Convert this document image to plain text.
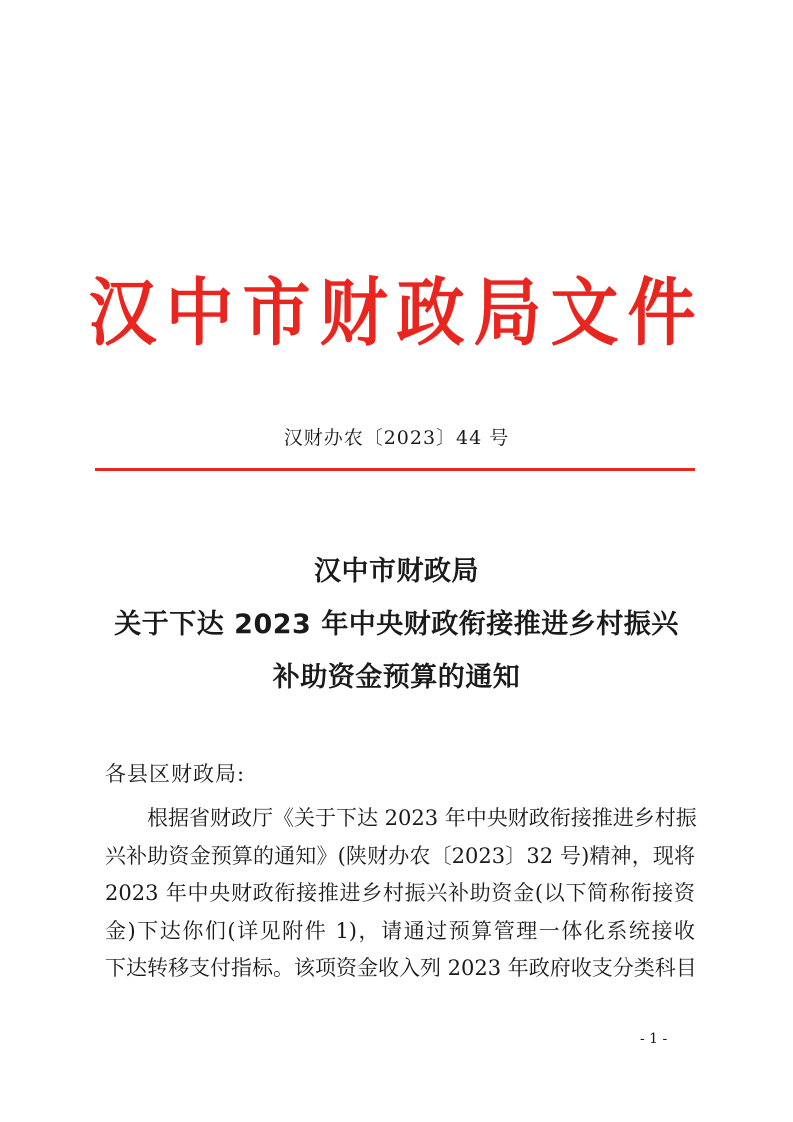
汉中市财政局文件
汉财办农〔2023〕44 号
汉中市财政局
关于下达 2023 年中央财政衔接推进乡村振兴
补助资金预算的通知
各县区财政局:
根据省财政厅《关于下达 2023 年中央财政衔接推进乡村振
兴补助资金预算的通知》(陕财办农〔2023〕32 号)精神，现将
2023 年中央财政衔接推进乡村振兴补助资金(以下简称衔接资
金)下达你们(详见附件 1)，请通过预算管理一体化系统接收
下达转移支付指标。该项资金收入列 2023 年政府收支分类科目
- 1 -
